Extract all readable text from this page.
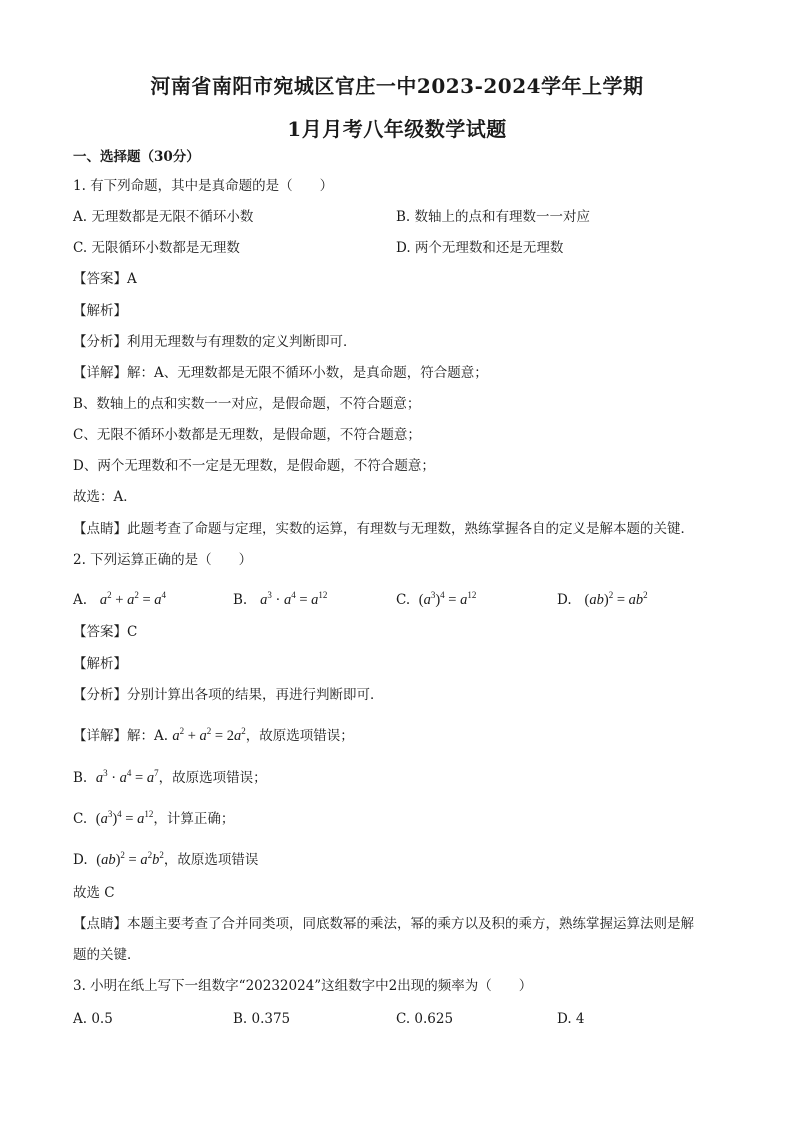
河南省南阳市宛城区官庄一中2023-2024学年上学期
1月月考八年级数学试题
一、选择题（30分）
1. 有下列命题，其中是真命题的是（　　）
A. 无理数都是无限不循环小数	B. 数轴上的点和有理数一一对应
C. 无限循环小数都是无理数	D. 两个无理数和还是无理数
【答案】A
【解析】
【分析】利用无理数与有理数的定义判断即可．
【详解】解：A、无理数都是无限不循环小数，是真命题，符合题意；
B、数轴上的点和实数一一对应，是假命题，不符合题意；
C、无限不循环小数都是无理数，是假命题，不符合题意；
D、两个无理数和不一定是无理数，是假命题，不符合题意；
故选：A．
【点睛】此题考查了命题与定理，实数的运算，有理数与无理数，熟练掌握各自的定义是解本题的关键．
2. 下列运算正确的是（　　）
A. $a^2 + a^2 = a^4$	B. $a^3 \cdot a^4 = a^{12}$	C. $(a^3)^4 = a^{12}$	D. $(ab)^2 = ab^2$
【答案】C
【解析】
【分析】分别计算出各项的结果，再进行判断即可．
【详解】解：A. $a^2 + a^2 = 2a^2$，故原选项错误；
B. $a^3 \cdot a^4 = a^7$，故原选项错误；
C. $(a^3)^4 = a^{12}$，计算正确；
D. $(ab)^2 = a^2b^2$，故原选项错误
故选 C
【点睛】本题主要考查了合并同类项，同底数幂的乘法，幂的乘方以及积的乘方，熟练掌握运算法则是解
题的关键．
3. 小明在纸上写下一组数字“20232024”这组数字中2出现的频率为（　　）
A. 0.5	B. 0.375	C. 0.625	D. 4
